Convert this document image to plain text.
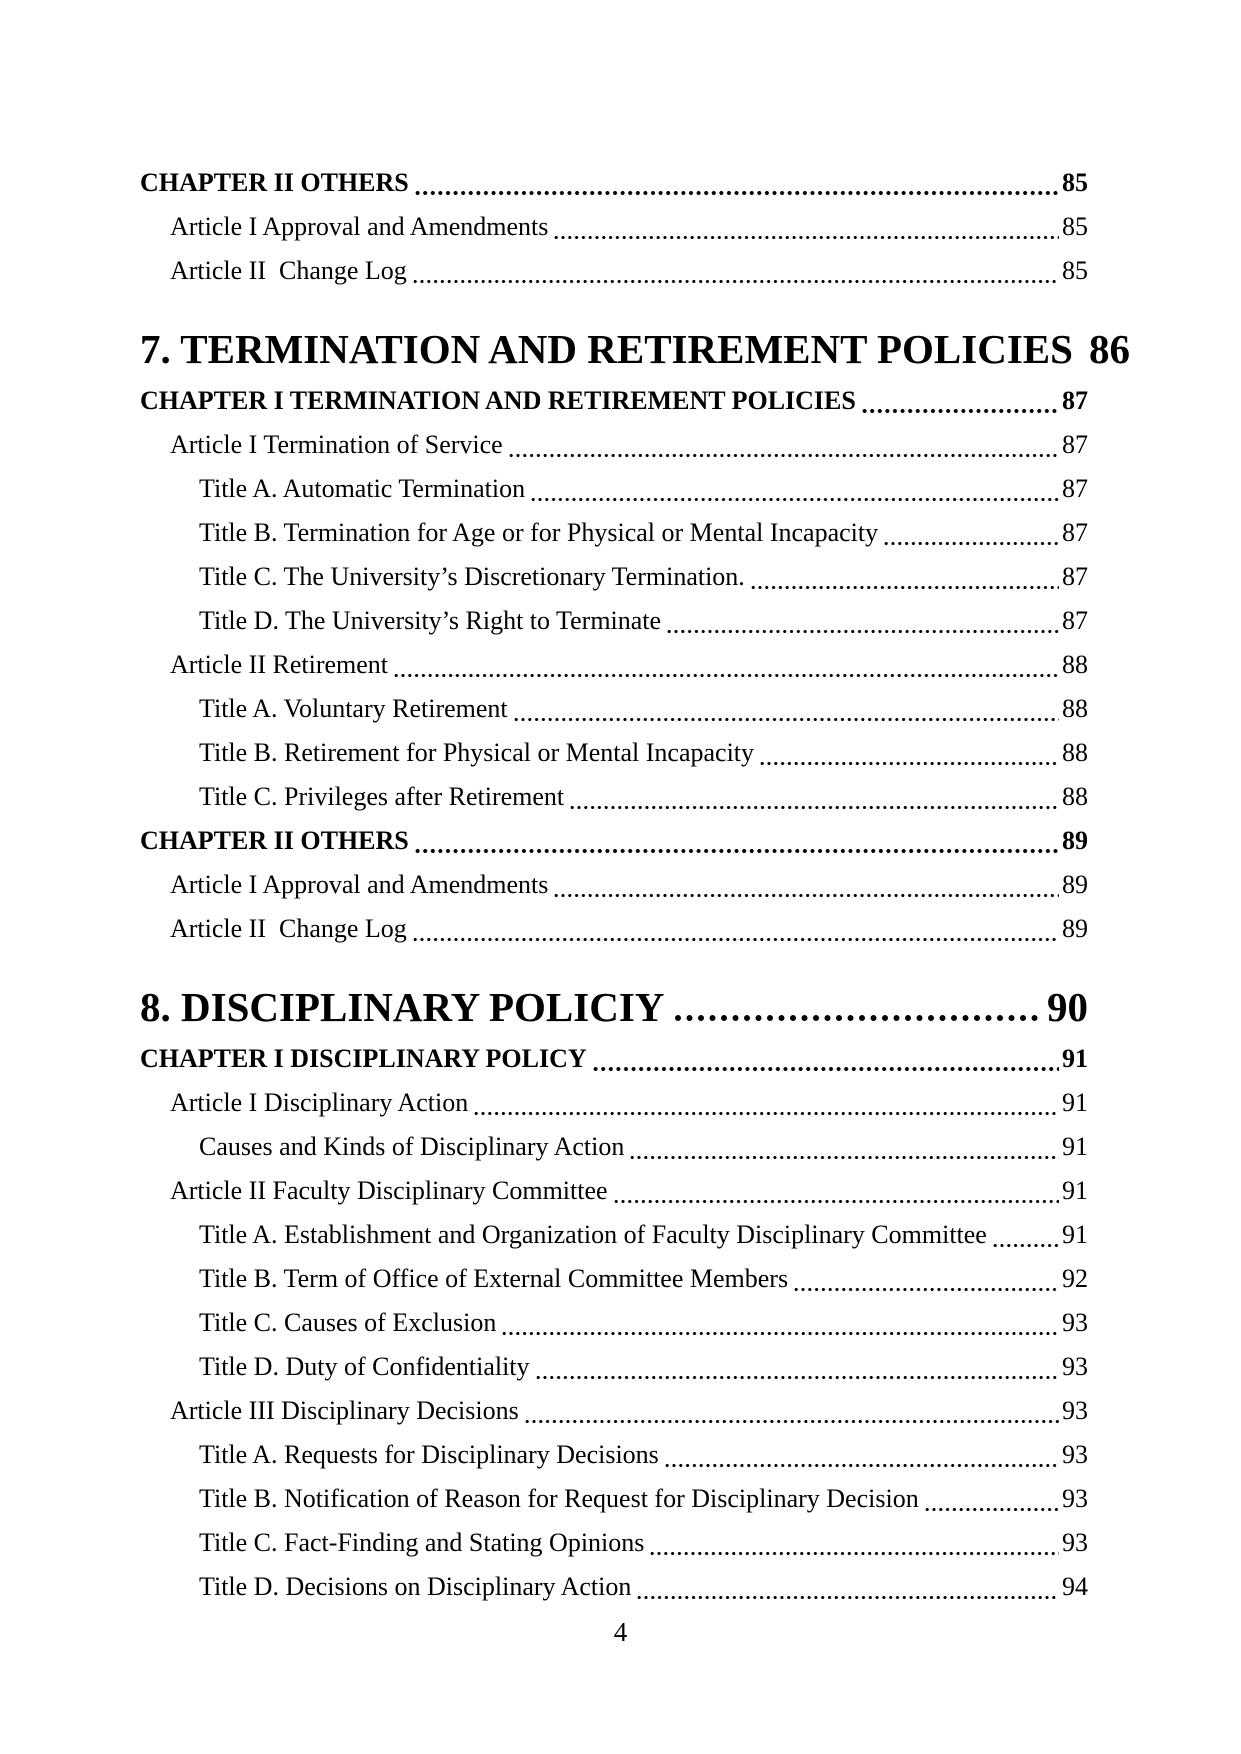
CHAPTER II OTHERS	85
Article I Approval and Amendments	85
Article II  Change Log	85
7. TERMINATION AND RETIREMENT POLICIES 86
CHAPTER I TERMINATION AND RETIREMENT POLICIES	87
Article I Termination of Service	87
Title A. Automatic Termination	87
Title B. Termination for Age or for Physical or Mental Incapacity	87
Title C. The University’s Discretionary Termination.	87
Title D. The University’s Right to Terminate	87
Article II Retirement	88
Title A. Voluntary Retirement	88
Title B. Retirement for Physical or Mental Incapacity	88
Title C. Privileges after Retirement	88
CHAPTER II OTHERS	89
Article I Approval and Amendments	89
Article II  Change Log	89
8. DISCIPLINARY POLICIY	90
CHAPTER I DISCIPLINARY POLICY	91
Article I Disciplinary Action	91
Causes and Kinds of Disciplinary Action	91
Article II Faculty Disciplinary Committee	91
Title A. Establishment and Organization of Faculty Disciplinary Committee	91
Title B. Term of Office of External Committee Members	92
Title C. Causes of Exclusion	93
Title D. Duty of Confidentiality	93
Article III Disciplinary Decisions	93
Title A. Requests for Disciplinary Decisions	93
Title B. Notification of Reason for Request for Disciplinary Decision	93
Title C. Fact-Finding and Stating Opinions	93
Title D. Decisions on Disciplinary Action	94
4
